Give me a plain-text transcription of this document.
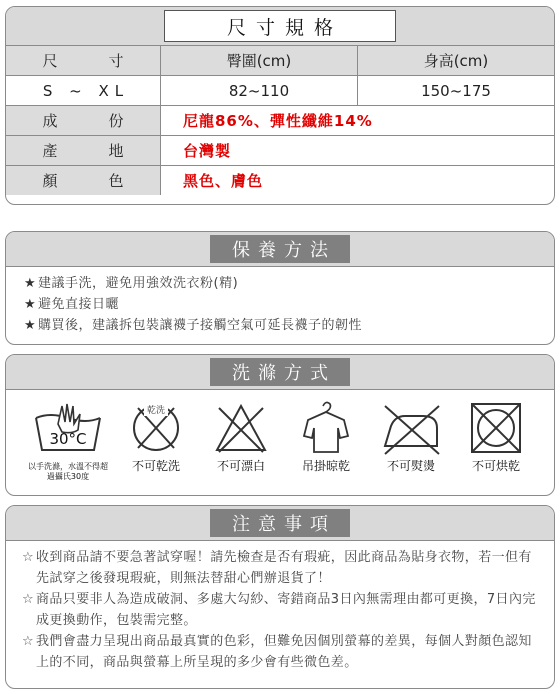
尺寸規格
尺　寸	臀圍(cm)	身高(cm)
S ~ XL	82~110	150~175
成　份	尼龍86%、彈性纖維14%
產　地	台灣製
顏　色	黑色、膚色
保養方法
★ 建議手洗，避免用強效洗衣粉(精)
★ 避免直接日曬
★ 購買後，建議拆包裝讓襪子接觸空氣可延長襪子的韌性
洗滌方式
30°C
以手洗滌，水溫不得超過攝氏30度
乾洗
不可乾洗	不可漂白	吊掛晾乾	不可熨燙	不可烘乾
注意事項
☆ 收到商品請不要急著試穿喔！請先檢查是否有瑕疵，因此商品為貼身衣物，若一但有先試穿之後發現瑕疵，則無法替甜心們辦退貨了！
☆ 商品只要非人為造成破洞、多處大勾紗、寄錯商品3日內無需理由都可更換，7日內完成更換動作，包裝需完整。
☆ 我們會盡力呈現出商品最真實的色彩，但難免因個別螢幕的差異，每個人對顏色認知上的不同，商品與螢幕上所呈現的多少會有些微色差。
